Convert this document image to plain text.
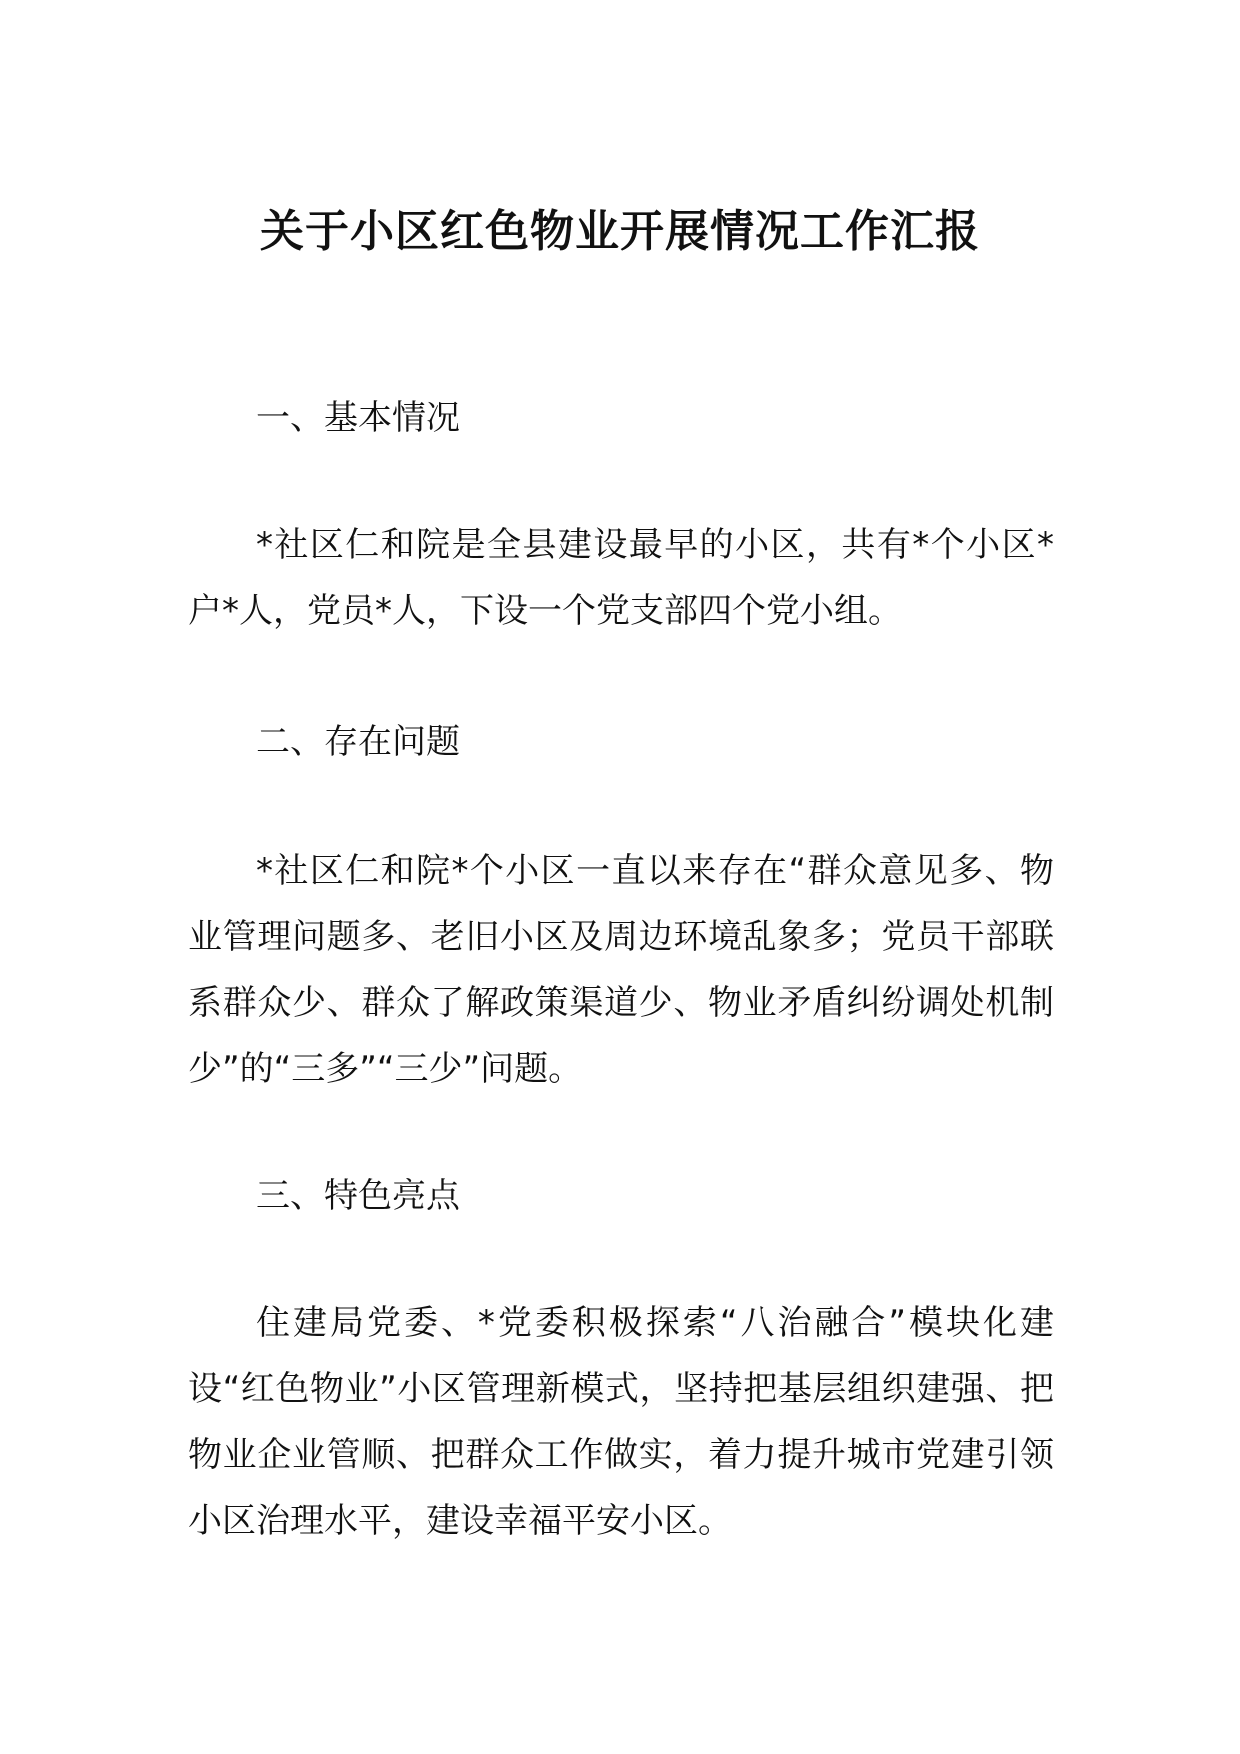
关于小区红色物业开展情况工作汇报
一、基本情况

*社区仁和院是全县建设最早的小区，共有*个小区*户*人，党员*人，下设一个党支部四个党小组。

二、存在问题

*社区仁和院*个小区一直以来存在“群众意见多、物业管理问题多、老旧小区及周边环境乱象多；党员干部联系群众少、群众了解政策渠道少、物业矛盾纠纷调处机制少”的“三多”“三少”问题。

三、特色亮点

住建局党委、*党委积极探索“八治融合”模块化建设“红色物业”小区管理新模式，坚持把基层组织建强、把物业企业管顺、把群众工作做实，着力提升城市党建引领小区治理水平，建设幸福平安小区。
